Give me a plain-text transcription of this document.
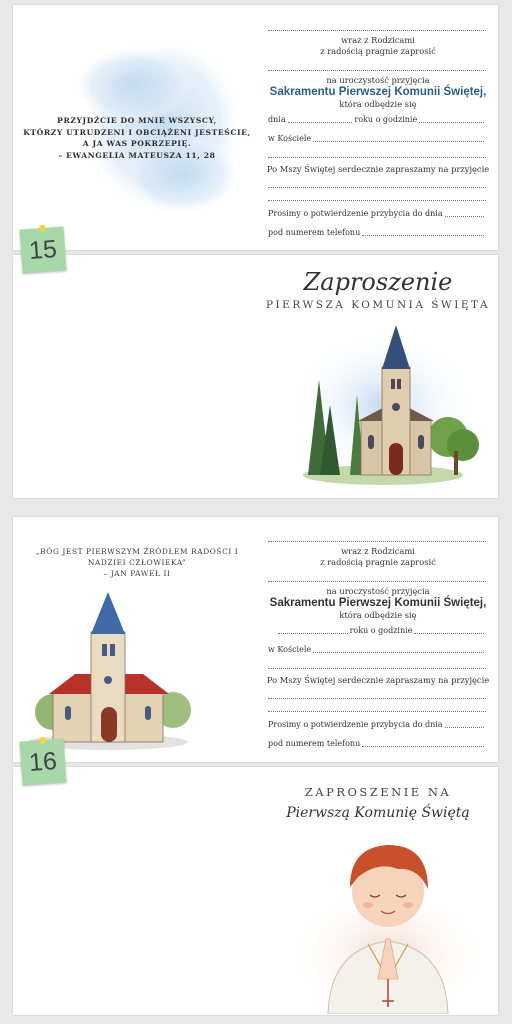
PRZYJDŹCIE DO MNIE WSZYSCY,
KTÓRZY UTRUDZENI I OBCIĄŻENI JESTEŚCIE,
A JA WAS POKRZEPIĘ.
– EWANGELIA MATEUSZA 11, 28
wraz z Rodzicami
z radością pragnie zaprosić
na uroczystość przyjęcia
Sakramentu Pierwszej Komunii Świętej,
która odbędzie się
dnia	roku o godzinie
w Kościele
Po Mszy Świętej serdecznie zapraszamy na przyjęcie
Prosimy o potwierdzenie przybycia do dnia
pod numerem telefonu
Zaproszenie
PIERWSZA KOMUNIA ŚWIĘTA
15
„BÓG JEST PIERWSZYM ŹRÓDŁEM RADOŚCI I
NADZIEI CZŁOWIEKA”
– JAN PAWEŁ II
wraz z Rodzicami
z radością pragnie zaprosić
na uroczystość przyjęcia
Sakramentu Pierwszej Komunii Świętej,
która odbędzie się
roku o godzinie
w Kościele
Po Mszy Świętej serdecznie zapraszamy na przyjęcie
Prosimy o potwierdzenie przybycia do dnia
pod numerem telefonu
ZAPROSZENIE NA
Pierwszą Komunię Świętą
16
